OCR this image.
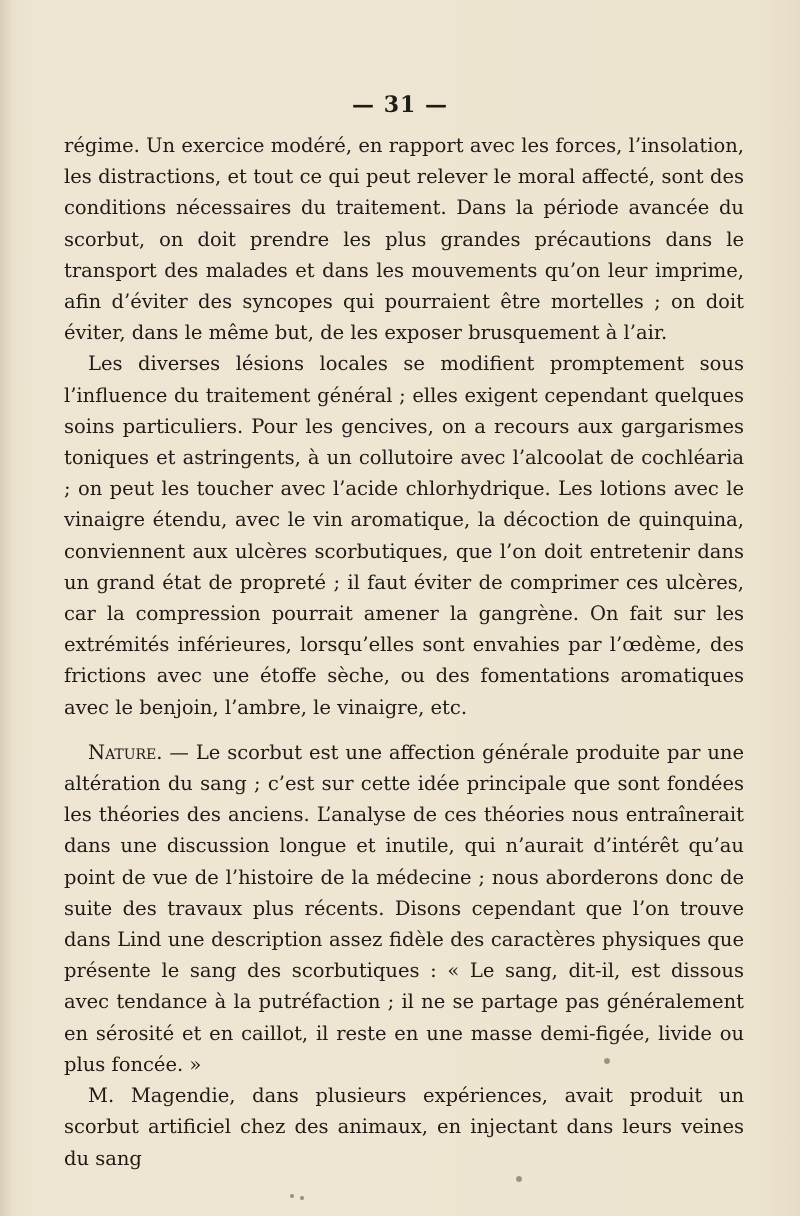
— 31 —

régime. Un exercice modéré, en rapport avec les forces, l’insolation, les distractions, et tout ce qui peut relever le moral affecté, sont des conditions nécessaires du traitement. Dans la période avancée du scorbut, on doit prendre les plus grandes précautions dans le transport des malades et dans les mouvements qu’on leur imprime, afin d’éviter des syncopes qui pourraient être mortelles ; on doit éviter, dans le même but, de les exposer brusquement à l’air.

Les diverses lésions locales se modifient promptement sous l’influence du traitement général ; elles exigent cependant quelques soins particuliers. Pour les gencives, on a recours aux gargarismes toniques et astringents, à un collutoire avec l’alcoolat de cochléaria ; on peut les toucher avec l’acide chlorhydrique. Les lotions avec le vinaigre étendu, avec le vin aromatique, la décoction de quinquina, conviennent aux ulcères scorbutiques, que l’on doit entretenir dans un grand état de propreté ; il faut éviter de comprimer ces ulcères, car la compression pourrait amener la gangrène. On fait sur les extrémités inférieures, lorsqu’elles sont envahies par l’œdème, des frictions avec une étoffe sèche, ou des fomentations aromatiques avec le benjoin, l’ambre, le vinaigre, etc.

Nature. — Le scorbut est une affection générale produite par une altération du sang ; c’est sur cette idée principale que sont fondées les théories des anciens. L’analyse de ces théories nous entraînerait dans une discussion longue et inutile, qui n’aurait d’intérêt qu’au point de vue de l’histoire de la médecine ; nous aborderons donc de suite des travaux plus récents. Disons cependant que l’on trouve dans Lind une description assez fidèle des caractères physiques que présente le sang des scorbutiques : « Le sang, dit-il, est dissous avec tendance à la putréfaction ; il ne se partage pas généralement en sérosité et en caillot, il reste en une masse demi-figée, livide ou plus foncée. »

M. Magendie, dans plusieurs expériences, avait produit un scorbut artificiel chez des animaux, en injectant dans leurs veines du sang
